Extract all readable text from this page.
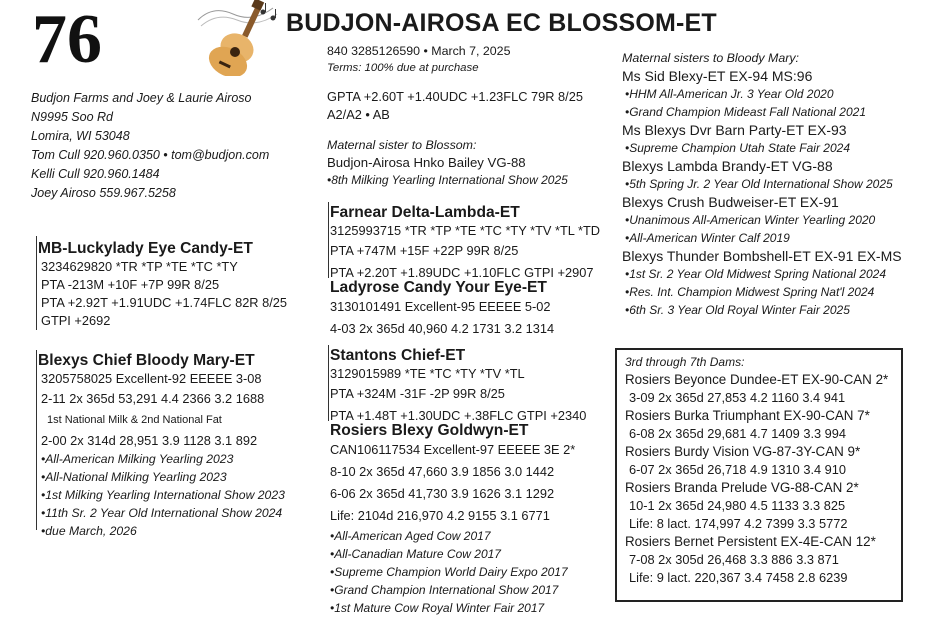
76	BUDJON-AIROSA EC BLOSSOM-ET
Budjon Farms and Joey & Laurie Airoso
N9995 Soo Rd
Lomira, WI 53048
Tom Cull 920.960.0350 • tom@budjon.com
Kelli Cull 920.960.1484
Joey Airoso 559.967.5258
840 3285126590 • March 7, 2025
Terms: 100% due at purchase
GPTA +2.60T +1.40UDC +1.23FLC 79R 8/25
A2/A2 • AB
Maternal sister to Blossom:
Budjon-Airosa Hnko Bailey VG-88
•8th Milking Yearling International Show 2025
MB-Luckylady Eye Candy-ET
3234629820 *TR *TP *TE *TC *TY
PTA -213M +10F +7P 99R 8/25
PTA +2.92T +1.91UDC +1.74FLC 82R 8/25
GTPI +2692
Blexys Chief Bloody Mary-ET
3205758025 Excellent-92 EEEEE 3-08
2-11 2x 365d 53,291 4.4 2366 3.2 1688
1st National Milk & 2nd National Fat
2-00 2x 314d 28,951 3.9 1128 3.1 892
•All-American Milking Yearling 2023
•All-National Milking Yearling 2023
•1st Milking Yearling International Show 2023
•11th Sr. 2 Year Old International Show 2024
•due March, 2026
Farnear Delta-Lambda-ET
3125993715 *TR *TP *TE *TC *TY *TV *TL *TD
PTA +747M +15F +22P 99R 8/25
PTA +2.20T +1.89UDC +1.10FLC GTPI +2907
Ladyrose Candy Your Eye-ET
3130101491 Excellent-95 EEEEE 5-02
4-03 2x 365d 40,960 4.2 1731 3.2 1314
Stantons Chief-ET
3129015989 *TE *TC *TY *TV *TL
PTA +324M -31F -2P 99R 8/25
PTA +1.48T +1.30UDC +.38FLC GTPI +2340
Rosiers Blexy Goldwyn-ET
CAN106117534 Excellent-97 EEEEE 3E 2*
8-10 2x 365d 47,660 3.9 1856 3.0 1442
6-06 2x 365d 41,730 3.9 1626 3.1 1292
Life: 2104d 216,970 4.2 9155 3.1 6771
•All-American Aged Cow 2017
•All-Canadian Mature Cow 2017
•Supreme Champion World Dairy Expo 2017
•Grand Champion International Show 2017
•1st Mature Cow Royal Winter Fair 2017
Maternal sisters to Bloody Mary:
Ms Sid Blexy-ET EX-94 MS:96
•HHM All-American Jr. 3 Year Old 2020
•Grand Champion Mideast Fall National 2021
Ms Blexys Dvr Barn Party-ET EX-93
•Supreme Champion Utah State Fair 2024
Blexys Lambda Brandy-ET VG-88
•5th Spring Jr. 2 Year Old International Show 2025
Blexys Crush Budweiser-ET EX-91
•Unanimous All-American Winter Yearling 2020
•All-American Winter Calf 2019
Blexys Thunder Bombshell-ET EX-91 EX-MS
•1st Sr. 2 Year Old Midwest Spring National 2024
•Res. Int. Champion Midwest Spring Nat'l 2024
•6th Sr. 3 Year Old Royal Winter Fair 2025
3rd through 7th Dams:
Rosiers Beyonce Dundee-ET EX-90-CAN 2*
3-09 2x 365d 27,853 4.2 1160 3.4 941
Rosiers Burka Triumphant EX-90-CAN 7*
6-08 2x 365d 29,681 4.7 1409 3.3 994
Rosiers Burdy Vision VG-87-3Y-CAN 9*
6-07 2x 365d 26,718 4.9 1310 3.4 910
Rosiers Branda Prelude VG-88-CAN 2*
10-1 2x 365d 24,980 4.5 1133 3.3 825
Life: 8 lact. 174,997 4.2 7399 3.3 5772
Rosiers Bernet Persistent EX-4E-CAN 12*
7-08 2x 305d 26,468 3.3 886 3.3 871
Life: 9 lact. 220,367 3.4 7458 2.8 6239
